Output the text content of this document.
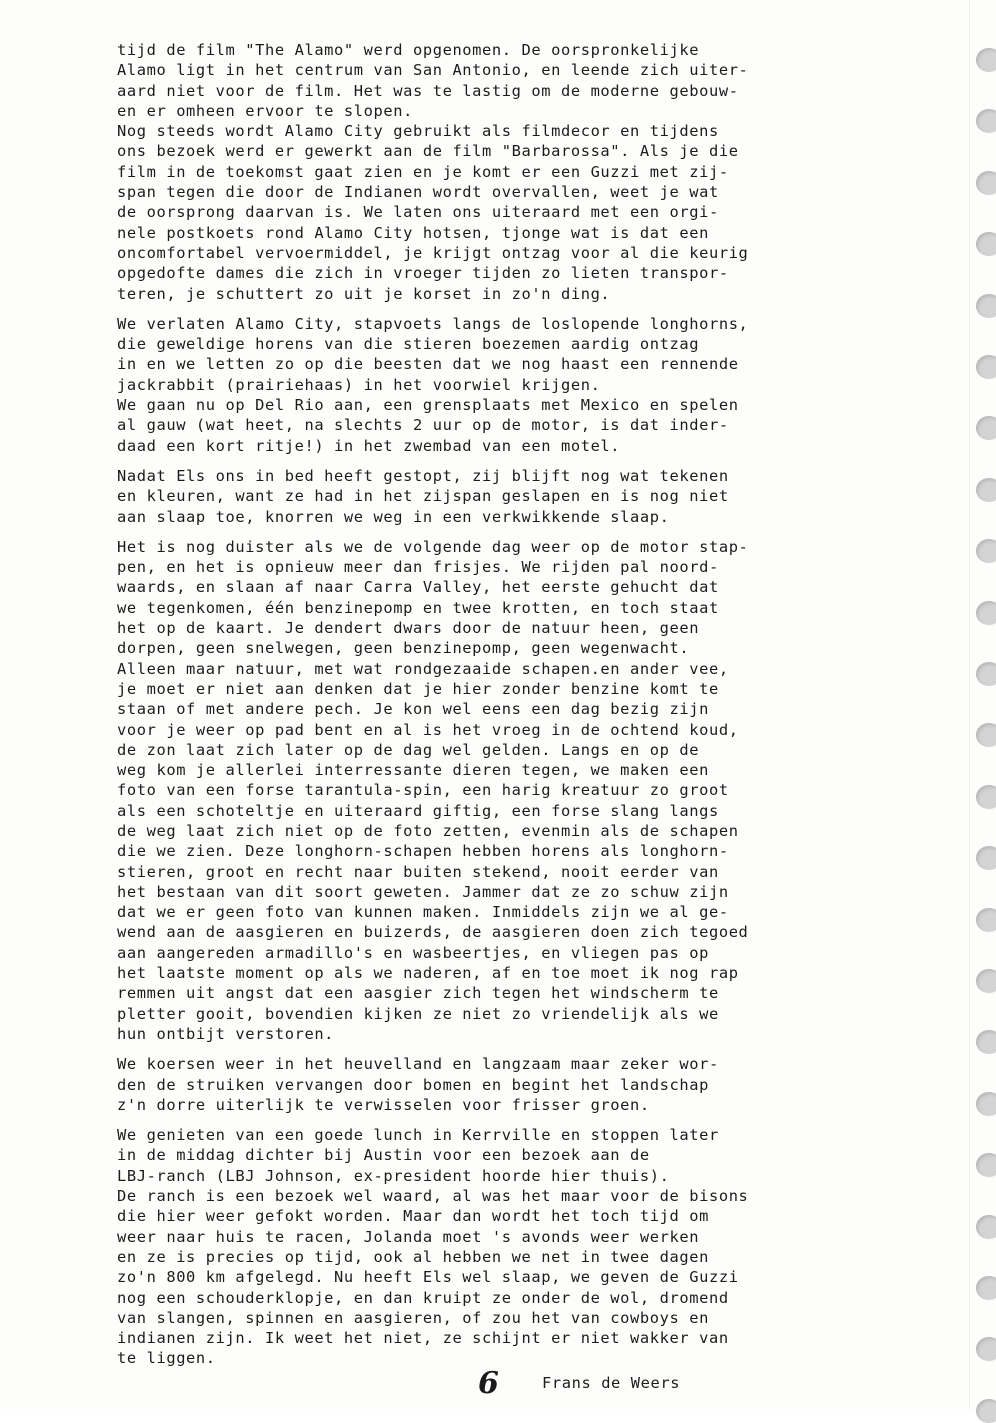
tijd de film "The Alamo" werd opgenomen. De oorspronkelijke
Alamo ligt in het centrum van San Antonio, en leende zich uiter-
aard niet voor de film. Het was te lastig om de moderne gebouw-
en er omheen ervoor te slopen.
Nog steeds wordt Alamo City gebruikt als filmdecor en tijdens
ons bezoek werd er gewerkt aan de film "Barbarossa". Als je die
film in de toekomst gaat zien en je komt er een Guzzi met zij-
span tegen die door de Indianen wordt overvallen, weet je wat
de oorsprong daarvan is. We laten ons uiteraard met een orgi-
nele postkoets rond Alamo City hotsen, tjonge wat is dat een
oncomfortabel vervoermiddel, je krijgt ontzag voor al die keurig
opgedofte dames die zich in vroeger tijden zo lieten transpor-
teren, je schuttert zo uit je korset in zo'n ding.
We verlaten Alamo City, stapvoets langs de loslopende longhorns,
die geweldige horens van die stieren boezemen aardig ontzag
in en we letten zo op die beesten dat we nog haast een rennende
jackrabbit (prairiehaas) in het voorwiel krijgen.
We gaan nu op Del Rio aan, een grensplaats met Mexico en spelen
al gauw (wat heet, na slechts 2 uur op de motor, is dat inder-
daad een kort ritje!) in het zwembad van een motel.
Nadat Els ons in bed heeft gestopt, zij blijft nog wat tekenen
en kleuren, want ze had in het zijspan geslapen en is nog niet
aan slaap toe, knorren we weg in een verkwikkende slaap.
Het is nog duister als we de volgende dag weer op de motor stap-
pen, en het is opnieuw meer dan frisjes. We rijden pal noord-
waards, en slaan af naar Carra Valley, het eerste gehucht dat
we tegenkomen, één benzinepomp en twee krotten, en toch staat
het op de kaart. Je dendert dwars door de natuur heen, geen
dorpen, geen snelwegen, geen benzinepomp, geen wegenwacht.
Alleen maar natuur, met wat rondgezaaide schapen.en ander vee,
je moet er niet aan denken dat je hier zonder benzine komt te
staan of met andere pech. Je kon wel eens een dag bezig zijn
voor je weer op pad bent en al is het vroeg in de ochtend koud,
de zon laat zich later op de dag wel gelden. Langs en op de
weg kom je allerlei interressante dieren tegen, we maken een
foto van een forse tarantula-spin, een harig kreatuur zo groot
als een schoteltje en uiteraard giftig, een forse slang langs
de weg laat zich niet op de foto zetten, evenmin als de schapen
die we zien. Deze longhorn-schapen hebben horens als longhorn-
stieren, groot en recht naar buiten stekend, nooit eerder van
het bestaan van dit soort geweten. Jammer dat ze zo schuw zijn
dat we er geen foto van kunnen maken. Inmiddels zijn we al ge-
wend aan de aasgieren en buizerds, de aasgieren doen zich tegoed
aan aangereden armadillo's en wasbeertjes, en vliegen pas op
het laatste moment op als we naderen, af en toe moet ik nog rap
remmen uit angst dat een aasgier zich tegen het windscherm te
pletter gooit, bovendien kijken ze niet zo vriendelijk als we
hun ontbijt verstoren.
We koersen weer in het heuvelland en langzaam maar zeker wor-
den de struiken vervangen door bomen en begint het landschap
z'n dorre uiterlijk te verwisselen voor frisser groen.
We genieten van een goede lunch in Kerrville en stoppen later
in de middag dichter bij Austin voor een bezoek aan de
LBJ-ranch (LBJ Johnson, ex-president hoorde hier thuis).
De ranch is een bezoek wel waard, al was het maar voor de bisons
die hier weer gefokt worden. Maar dan wordt het toch tijd om
weer naar huis te racen, Jolanda moet 's avonds weer werken
en ze is precies op tijd, ook al hebben we net in twee dagen
zo'n 800 km afgelegd. Nu heeft Els wel slaap, we geven de Guzzi
nog een schouderklopje, en dan kruipt ze onder de wol, dromend
van slangen, spinnen en aasgieren, of zou het van cowboys en
indianen zijn. Ik weet het niet, ze schijnt er niet wakker van
te liggen.
6	Frans de Weers
